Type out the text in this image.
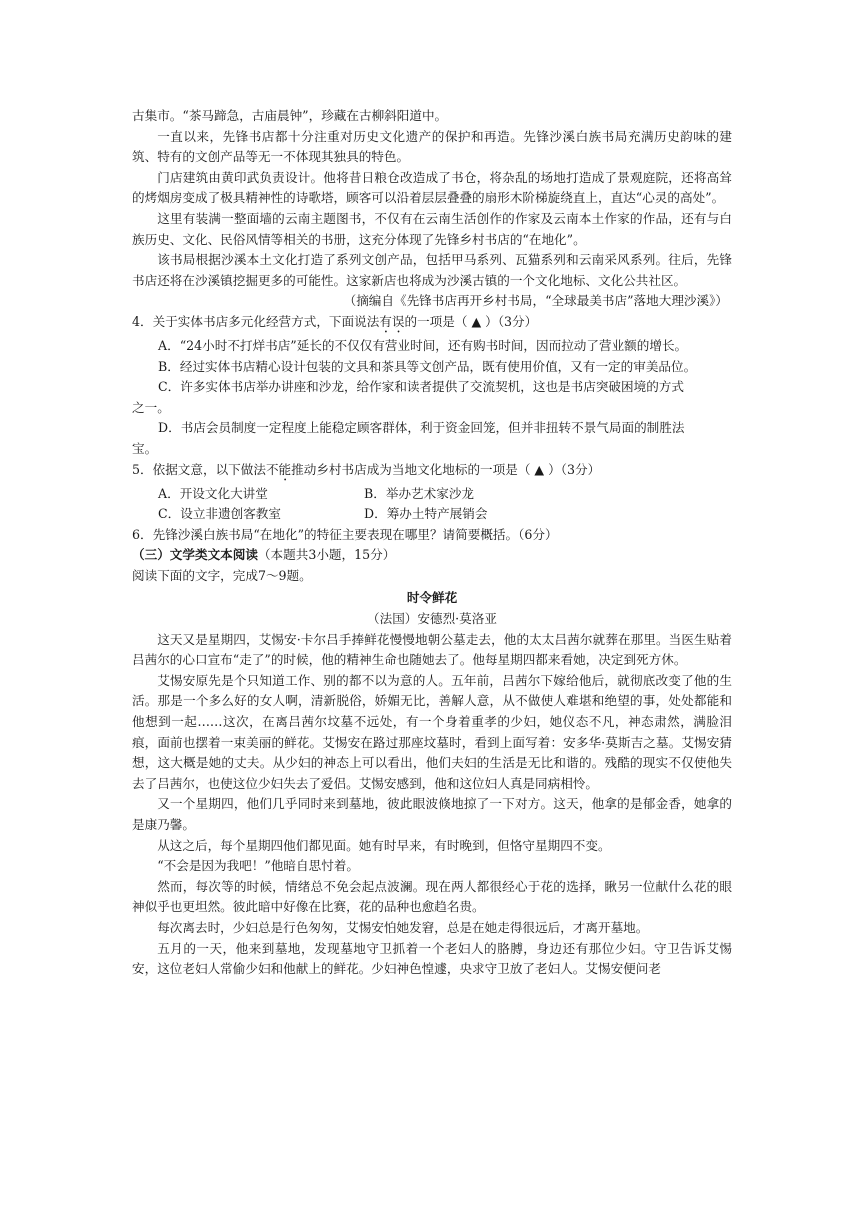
古集市。“茶马蹄急，古庙晨钟”，珍藏在古柳斜阳道中。

一直以来，先锋书店都十分注重对历史文化遗产的保护和再造。先锋沙溪白族书局充满历史韵味的建筑、特有的文创产品等无一不体现其独具的特色。

门店建筑由黄印武负责设计。他将昔日粮仓改造成了书仓，将杂乱的场地打造成了景观庭院，还将高耸的烤烟房变成了极具精神性的诗歌塔，顾客可以沿着层层叠叠的扇形木阶梯旋绕直上，直达“心灵的高处”。

这里有装满一整面墙的云南主题图书，不仅有在云南生活创作的作家及云南本土作家的作品，还有与白族历史、文化、民俗风情等相关的书册，这充分体现了先锋乡村书店的“在地化”。

该书局根据沙溪本土文化打造了系列文创产品，包括甲马系列、瓦猫系列和云南采风系列。往后，先锋书店还将在沙溪镇挖掘更多的可能性。这家新店也将成为沙溪古镇的一个文化地标、文化公共社区。

（摘编自《先锋书店再开乡村书局，“全球最美书店”落地大理沙溪》）

4．关于实体书店多元化经营方式，下面说法有误的一项是（ ▲ ）（3分）

A．“24小时不打烊书店”延长的不仅仅有营业时间，还有购书时间，因而拉动了营业额的增长。

B．经过实体书店精心设计包装的文具和茶具等文创产品，既有使用价值，又有一定的审美品位。

C．许多实体书店举办讲座和沙龙，给作家和读者提供了交流契机，这也是书店突破困境的方式

之一。

D．书店会员制度一定程度上能稳定顾客群体，利于资金回笼，但并非扭转不景气局面的制胜法

宝。

5．依据文意，以下做法不能推动乡村书店成为当地文化地标的一项是（ ▲ ）（3分）

A．开设文化大讲堂	B．举办艺术家沙龙
C．设立非遗创客教室	D．筹办土特产展销会

6．先锋沙溪白族书局“在地化”的特征主要表现在哪里？请简要概括。（6分）

（三）文学类文本阅读（本题共3小题，15分）

阅读下面的文字，完成7～9题。

时令鲜花

（法国）安德烈·莫洛亚

这天又是星期四，艾惕安·卡尔吕手捧鲜花慢慢地朝公墓走去，他的太太吕茜尔就葬在那里。当医生贴着吕茜尔的心口宣布“走了”的时候，他的精神生命也随她去了。他每星期四都来看她，决定到死方休。

艾惕安原先是个只知道工作、别的都不以为意的人。五年前，吕茜尔下嫁给他后，就彻底改变了他的生活。那是一个多么好的女人啊，清新脱俗，娇媚无比，善解人意，从不做使人难堪和绝望的事，处处都能和他想到一起……这次，在离吕茜尔坟墓不远处，有一个身着重孝的少妇，她仪态不凡，神态肃然，满脸泪痕，面前也摆着一束美丽的鲜花。艾惕安在路过那座坟墓时，看到上面写着：安多华·莫斯吉之墓。艾惕安猜想，这大概是她的丈夫。从少妇的神态上可以看出，他们夫妇的生活是无比和谐的。残酷的现实不仅使他失去了吕茜尔，也使这位少妇失去了爱侣。艾惕安感到，他和这位妇人真是同病相怜。

又一个星期四，他们几乎同时来到墓地，彼此眼波倏地掠了一下对方。这天，他拿的是郁金香，她拿的是康乃馨。

从这之后，每个星期四他们都见面。她有时早来，有时晚到，但恪守星期四不变。

“不会是因为我吧！”他暗自思忖着。

然而，每次等的时候，情绪总不免会起点波澜。现在两人都很经心于花的选择，瞅另一位献什么花的眼神似乎也更坦然。彼此暗中好像在比赛，花的品种也愈趋名贵。

每次离去时，少妇总是行色匆匆，艾惕安怕她发窘，总是在她走得很远后，才离开墓地。

五月的一天，他来到墓地，发现墓地守卫抓着一个老妇人的胳膊，身边还有那位少妇。守卫告诉艾惕安，这位老妇人常偷少妇和他献上的鲜花。少妇神色惶遽，央求守卫放了老妇人。艾惕安便问老
